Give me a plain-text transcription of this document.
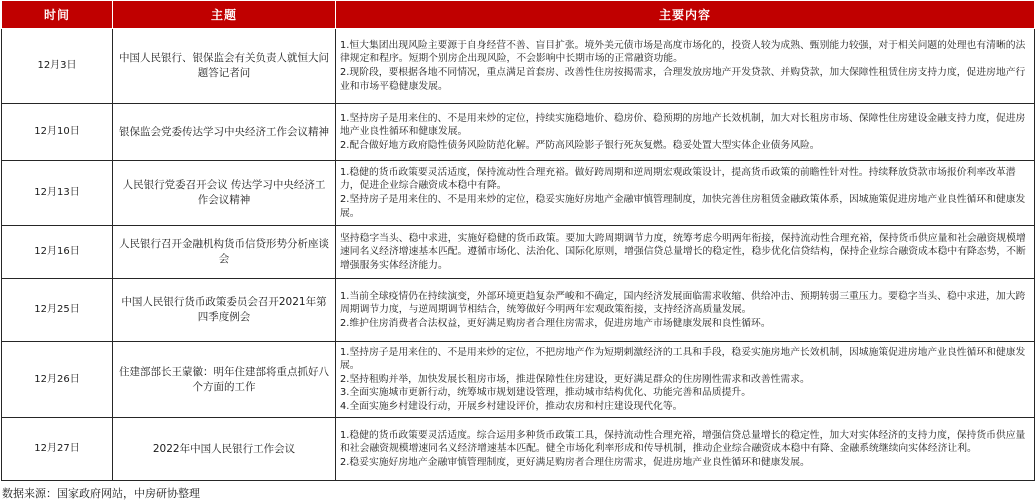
时间	主题	主要内容
12月3日	中国人民银行、银保监会有关负责人就恒大问题答记者问	1.恒大集团出现风险主要源于自身经营不善、盲目扩张。境外美元债市场是高度市场化的，投资人较为成熟、甄别能力较强，对于相关问题的处理也有清晰的法律规定和程序。短期个别房企出现风险，不会影响中长期市场的正常融资功能。
2.现阶段，要根据各地不同情况，重点满足首套房、改善性住房按揭需求，合理发放房地产开发贷款、并购贷款，加大保障性租赁住房支持力度，促进房地产行业和市场平稳健康发展。
12月10日	银保监会党委传达学习中央经济工作会议精神	1.坚持房子是用来住的、不是用来炒的定位，持续实施稳地价、稳房价、稳预期的房地产长效机制，加大对长租房市场、保障性住房建设金融支持力度，促进房地产业良性循环和健康发展。
2.配合做好地方政府隐性债务风险防范化解。严防高风险影子银行死灰复燃。稳妥处置大型实体企业债务风险。
12月13日	人民银行党委召开会议 传达学习中央经济工作会议精神	1.稳健的货币政策要灵活适度，保持流动性合理充裕。做好跨周期和逆周期宏观政策设计，提高货币政策的前瞻性针对性。持续释放贷款市场报价利率改革潜力，促进企业综合融资成本稳中有降。
2.坚持房子是用来住的、不是用来炒的定位，稳妥实施好房地产金融审慎管理制度，加快完善住房租赁金融政策体系，因城施策促进房地产业良性循环和健康发展。
12月16日	人民银行召开金融机构货币信贷形势分析座谈会	坚持稳字当头、稳中求进，实施好稳健的货币政策。要加大跨周期调节力度，统筹考虑今明两年衔接，保持流动性合理充裕，保持货币供应量和社会融资规模增速同名义经济增速基本匹配。遵循市场化、法治化、国际化原则，增强信贷总量增长的稳定性，稳步优化信贷结构，保持企业综合融资成本稳中有降态势，不断增强服务实体经济能力。
12月25日	中国人民银行货币政策委员会召开2021年第四季度例会	1.当前全球疫情仍在持续演变，外部环境更趋复杂严峻和不确定，国内经济发展面临需求收缩、供给冲击、预期转弱三重压力。要稳字当头、稳中求进，加大跨周期调节力度，与逆周期调节相结合，统筹做好今明两年宏观政策衔接，支持经济高质量发展。
2.维护住房消费者合法权益，更好满足购房者合理住房需求，促进房地产市场健康发展和良性循环。
12月26日	住建部部长王蒙徽：明年住建部将重点抓好八个方面的工作	1.坚持房子是用来住的、不是用来炒的定位，不把房地产作为短期刺激经济的工具和手段，稳妥实施房地产长效机制，因城施策促进房地产业良性循环和健康发展。
2.坚持租购并举，加快发展长租房市场，推进保障性住房建设，更好满足群众的住房刚性需求和改善性需求。
3.全面实施城市更新行动，统筹城市规划建设管理，推动城市结构优化、功能完善和品质提升。
4.全面实施乡村建设行动，开展乡村建设评价，推动农房和村庄建设现代化等。
12月27日	2022年中国人民银行工作会议	1.稳健的货币政策要灵活适度。综合运用多种货币政策工具，保持流动性合理充裕，增强信贷总量增长的稳定性，加大对实体经济的支持力度，保持货币供应量和社会融资规模增速同名义经济增速基本匹配。健全市场化利率形成和传导机制，推动企业综合融资成本稳中有降、金融系统继续向实体经济让利。
2.稳妥实施好房地产金融审慎管理制度，更好满足购房者合理住房需求，促进房地产业良性循环和健康发展。
数据来源：国家政府网站，中房研协整理
